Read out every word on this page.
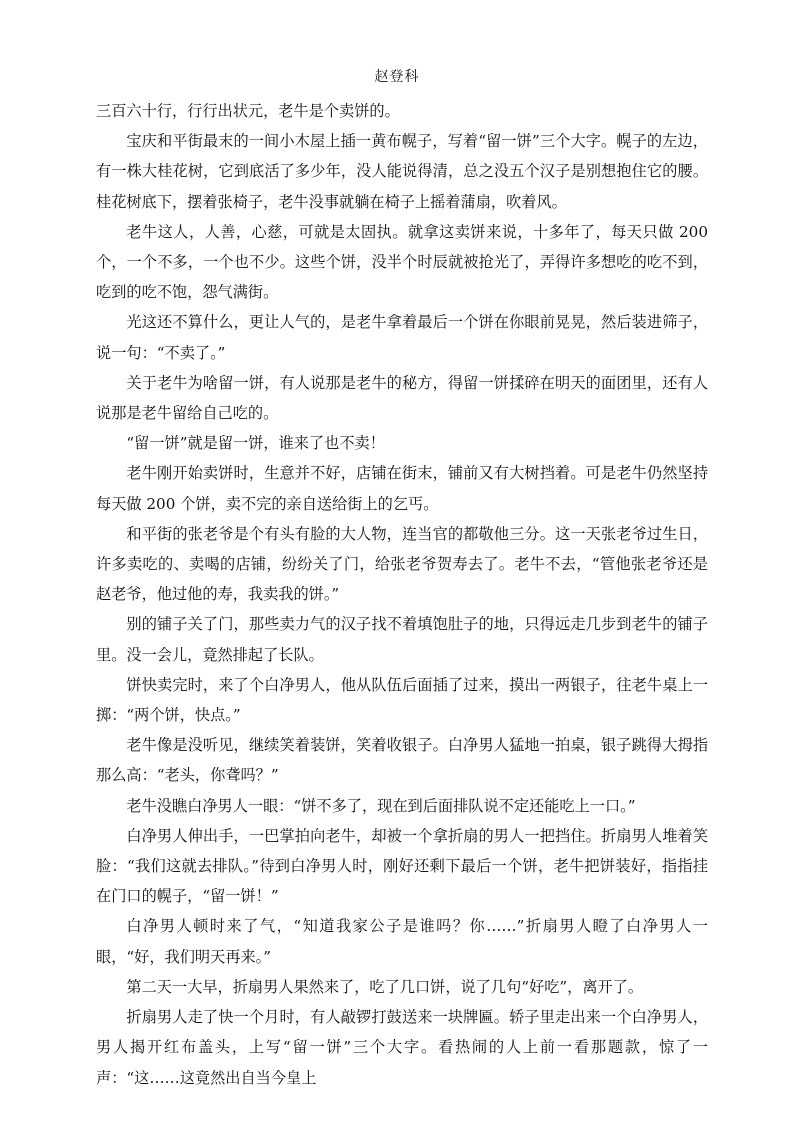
赵登科

三百六十行，行行出状元，老牛是个卖饼的。

宝庆和平街最末的一间小木屋上插一黄布幌子，写着“留一饼”三个大字。幌子的左边，有一株大桂花树，它到底活了多少年，没人能说得清，总之没五个汉子是别想抱住它的腰。桂花树底下，摆着张椅子，老牛没事就躺在椅子上摇着蒲扇，吹着风。

老牛这人，人善，心慈，可就是太固执。就拿这卖饼来说，十多年了，每天只做 200 个，一个不多，一个也不少。这些个饼，没半个时辰就被抢光了，弄得许多想吃的吃不到，吃到的吃不饱，怨气满街。

光这还不算什么，更让人气的，是老牛拿着最后一个饼在你眼前晃晃，然后装进筛子，说一句：“不卖了。”

关于老牛为啥留一饼，有人说那是老牛的秘方，得留一饼揉碎在明天的面团里，还有人说那是老牛留给自己吃的。

“留一饼”就是留一饼，谁来了也不卖！

老牛刚开始卖饼时，生意并不好，店铺在街末，铺前又有大树挡着。可是老牛仍然坚持每天做 200 个饼，卖不完的亲自送给街上的乞丐。

和平街的张老爷是个有头有脸的大人物，连当官的都敬他三分。这一天张老爷过生日，许多卖吃的、卖喝的店铺，纷纷关了门，给张老爷贺寿去了。老牛不去，“管他张老爷还是赵老爷，他过他的寿，我卖我的饼。”

别的铺子关了门，那些卖力气的汉子找不着填饱肚子的地，只得远走几步到老牛的铺子里。没一会儿，竟然排起了长队。

饼快卖完时，来了个白净男人，他从队伍后面插了过来，摸出一两银子，往老牛桌上一掷：“两个饼，快点。”

老牛像是没听见，继续笑着装饼，笑着收银子。白净男人猛地一拍桌，银子跳得大拇指那么高：“老头，你聋吗？”

老牛没瞧白净男人一眼：“饼不多了，现在到后面排队说不定还能吃上一口。”

白净男人伸出手，一巴掌拍向老牛，却被一个拿折扇的男人一把挡住。折扇男人堆着笑脸：“我们这就去排队。”待到白净男人时，刚好还剩下最后一个饼，老牛把饼装好，指指挂在门口的幌子，“留一饼！”

白净男人顿时来了气，“知道我家公子是谁吗？你……”折扇男人瞪了白净男人一眼，“好，我们明天再来。”

第二天一大早，折扇男人果然来了，吃了几口饼，说了几句“好吃”，离开了。

折扇男人走了快一个月时，有人敲锣打鼓送来一块牌匾。轿子里走出来一个白净男人，男人揭开红布盖头，上写“留一饼”三个大字。看热闹的人上前一看那题款，惊了一声：“这……这竟然出自当今皇上
